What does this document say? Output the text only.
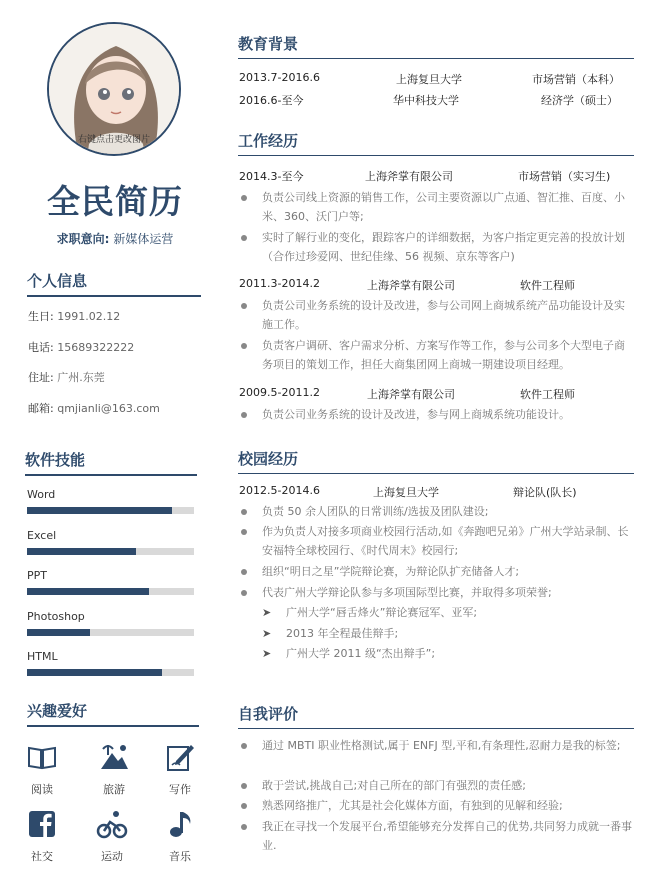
右键点击更改图片
全民简历
求职意向: 新媒体运营
个人信息
生日: 1991.02.12
电话: 15689322222
住址: 广州.东莞
邮箱: qmjianli@163.com
软件技能
Word
Excel
PPT
Photoshop
HTML
兴趣爱好
阅读	旅游	写作
社交	运动	音乐
教育背景
2013.7-2016.6	上海复旦大学	市场营销（本科）
2016.6-至今	华中科技大学	经济学（硕士）
工作经历
2014.3-至今	上海斧掌有限公司	市场营销（实习生)
负责公司线上资源的销售工作，公司主要资源以广点通、智汇推、百度、小米、360、沃门户等;
实时了解行业的变化，跟踪客户的详细数据，为客户指定更完善的投放计划（合作过珍爱网、世纪佳缘、56 视频、京东等客户)
2011.3-2014.2	上海斧掌有限公司	软件工程师
负责公司业务系统的设计及改进，参与公司网上商城系统产品功能设计及实施工作。
负责客户调研、客户需求分析、方案写作等工作，参与公司多个大型电子商务项目的策划工作，担任大商集团网上商城一期建设项目经理。
2009.5-2011.2	上海斧掌有限公司	软件工程师
负责公司业务系统的设计及改进，参与网上商城系统功能设计。
校园经历
2012.5-2014.6	上海复旦大学	辩论队(队长)
负责 50 余人团队的日常训练/选拔及团队建设;
作为负责人对接多项商业校园行活动,如《奔跑吧兄弟》广州大学站录制、长安福特全球校园行、《时代周末》校园行;
组织“明日之星”学院辩论赛，为辩论队扩充储备人才;
代表广州大学辩论队参与多项国际型比赛，并取得多项荣誉;
➤ 广州大学“唇舌烽火”辩论赛冠军、亚军;
➤ 2013 年全程最佳辩手;
➤ 广州大学 2011 级“杰出辩手”;
自我评价
通过 MBTI 职业性格测试,属于 ENFJ 型,平和,有条理性,忍耐力是我的标签;
敢于尝试,挑战自己;对自己所在的部门有强烈的责任感;
熟悉网络推广，尤其是社会化媒体方面，有独到的见解和经验;
我正在寻找一个发展平台,希望能够充分发挥自己的优势,共同努力成就一番事业.
